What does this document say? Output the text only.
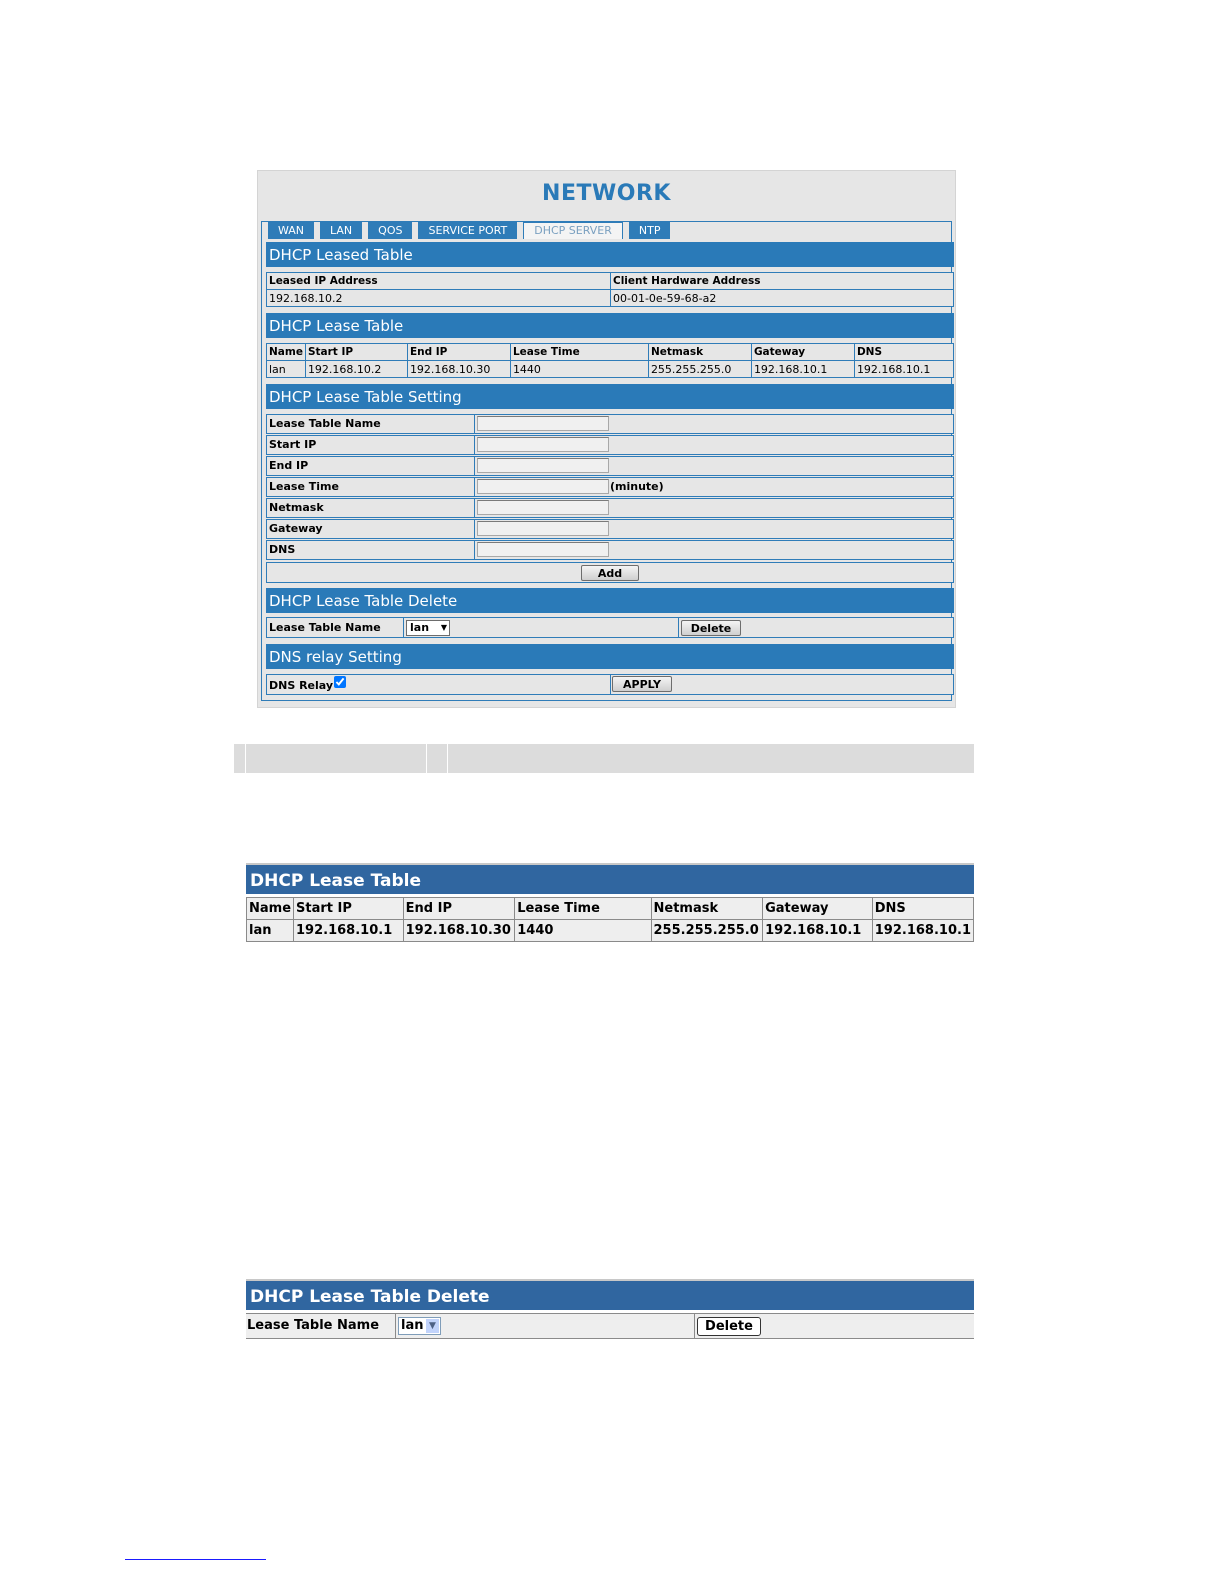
NETWORK
WAN	LAN	QOS	SERVICE PORT	DHCP SERVER	NTP
DHCP Leased Table
Leased IP Address	Client Hardware Address
192.168.10.2	00-01-0e-59-68-a2
DHCP Lease Table
Name	Start IP	End IP	Lease Time	Netmask	Gateway	DNS
lan	192.168.10.2	192.168.10.30	1440	255.255.255.0	192.168.10.1	192.168.10.1
DHCP Lease Table Setting
Lease Table Name
Start IP
End IP
Lease Time	(minute)
Netmask
Gateway
DNS
Add
DHCP Lease Table Delete
Lease Table Name	lan ▼	Delete
DNS relay Setting
DNS Relay	APPLY
DHCP Lease Table
Name	Start IP	End IP	Lease Time	Netmask	Gateway	DNS
lan	192.168.10.1	192.168.10.30	1440	255.255.255.0	192.168.10.1	192.168.10.1
DHCP Lease Table Delete
Lease Table Name lan ▼	Delete
